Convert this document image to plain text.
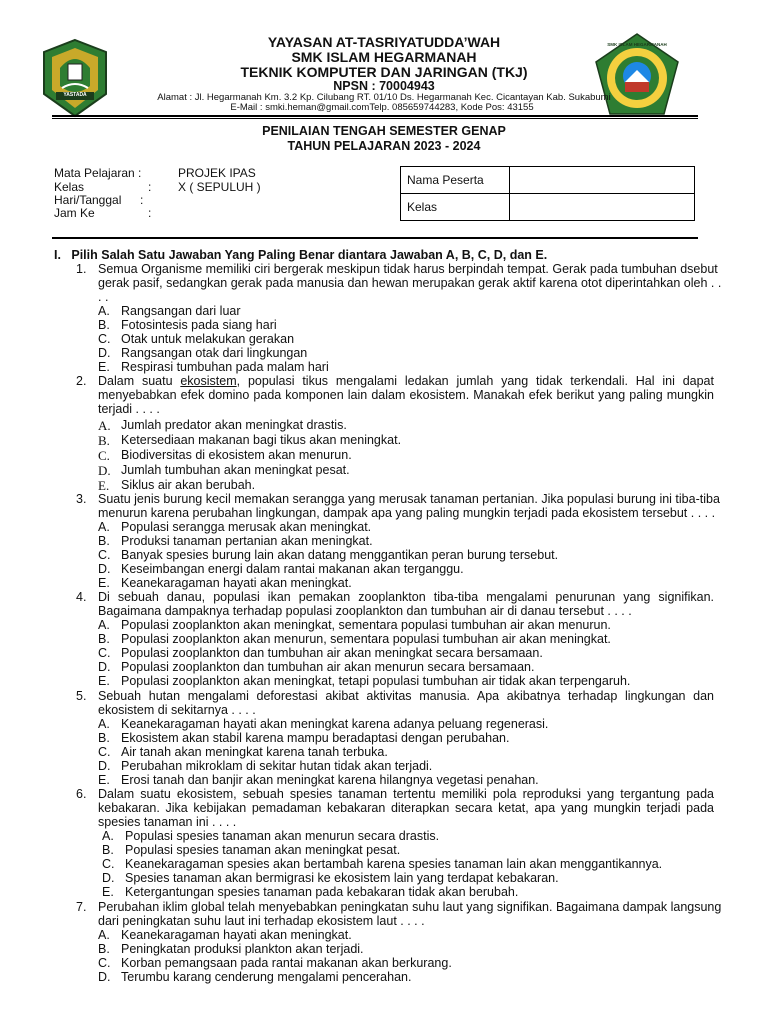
YASTADA
SMK ISLAM HEGARMANAH
YAYASAN AT-TASRIYATUDDA’WAH
SMK ISLAM HEGARMANAH
TEKNIK KOMPUTER DAN JARINGAN (TKJ)
NPSN : 70004943
Alamat : Jl. Hegarmanah Km. 3.2 Kp. Cilubang RT. 01/10 Ds. Hegarmanah Kec. Cicantayan Kab. Sukabumi
E-Mail : smki.heman@gmail.comTelp. 085659744283, Kode Pos: 43155
PENILAIAN TENGAH SEMESTER GENAP
TAHUN PELAJARAN 2023 - 2024
Mata Pelajaran :	PROJEK IPAS
Kelas	: X ( SEPULUH )
Hari/Tanggal :
Jam Ke	:
Nama Peserta	
Kelas	
I.   Pilih Salah Satu Jawaban Yang Paling Benar diantara Jawaban A, B, C, D, dan E.
1. Semua Organisme memiliki ciri bergerak meskipun tidak harus berpindah tempat. Gerak pada tumbuhan dsebut
gerak pasif, sedangkan gerak pada manusia dan hewan merupakan gerak aktif karena otot diperintahkan oleh . .
. .
A. Rangsangan dari luar
B. Fotosintesis pada siang hari
C. Otak untuk melakukan gerakan
D. Rangsangan otak dari lingkungan
E. Respirasi tumbuhan pada malam hari
2. Dalam suatu ekosistem, populasi tikus mengalami ledakan jumlah yang tidak terkendali. Hal ini dapat
menyebabkan efek domino pada komponen lain dalam ekosistem. Manakah efek berikut yang paling mungkin
terjadi . . . .
A. Jumlah predator akan meningkat drastis.
B. Ketersediaan makanan bagi tikus akan meningkat.
C. Biodiversitas di ekosistem akan menurun.
D. Jumlah tumbuhan akan meningkat pesat.
E. Siklus air akan berubah.
3. Suatu jenis burung kecil memakan serangga yang merusak tanaman pertanian. Jika populasi burung ini tiba-tiba
menurun karena perubahan lingkungan, dampak apa yang paling mungkin terjadi pada ekosistem tersebut . . . .
A. Populasi serangga merusak akan meningkat.
B. Produksi tanaman pertanian akan meningkat.
C. Banyak spesies burung lain akan datang menggantikan peran burung tersebut.
D. Keseimbangan energi dalam rantai makanan akan terganggu.
E. Keanekaragaman hayati akan meningkat.
4. Di sebuah danau, populasi ikan pemakan zooplankton tiba-tiba mengalami penurunan yang signifikan.
Bagaimana dampaknya terhadap populasi zooplankton dan tumbuhan air di danau tersebut . . . .
A. Populasi zooplankton akan meningkat, sementara populasi tumbuhan air akan menurun.
B. Populasi zooplankton akan menurun, sementara populasi tumbuhan air akan meningkat.
C. Populasi zooplankton dan tumbuhan air akan meningkat secara bersamaan.
D. Populasi zooplankton dan tumbuhan air akan menurun secara bersamaan.
E. Populasi zooplankton akan meningkat, tetapi populasi tumbuhan air tidak akan terpengaruh.
5. Sebuah hutan mengalami deforestasi akibat aktivitas manusia. Apa akibatnya terhadap lingkungan dan
ekosistem di sekitarnya . . . .
A. Keanekaragaman hayati akan meningkat karena adanya peluang regenerasi.
B. Ekosistem akan stabil karena mampu beradaptasi dengan perubahan.
C. Air tanah akan meningkat karena tanah terbuka.
D. Perubahan mikroklam di sekitar hutan tidak akan terjadi.
E. Erosi tanah dan banjir akan meningkat karena hilangnya vegetasi penahan.
6. Dalam suatu ekosistem, sebuah spesies tanaman tertentu memiliki pola reproduksi yang tergantung pada
kebakaran. Jika kebijakan pemadaman kebakaran diterapkan secara ketat, apa yang mungkin terjadi pada
spesies tanaman ini . . . .
A. Populasi spesies tanaman akan menurun secara drastis.
B. Populasi spesies tanaman akan meningkat pesat.
C. Keanekaragaman spesies akan bertambah karena spesies tanaman lain akan menggantikannya.
D. Spesies tanaman akan bermigrasi ke ekosistem lain yang terdapat kebakaran.
E. Ketergantungan spesies tanaman pada kebakaran tidak akan berubah.
7. Perubahan iklim global telah menyebabkan peningkatan suhu laut yang signifikan. Bagaimana dampak langsung
dari peningkatan suhu laut ini terhadap ekosistem laut . . . .
A. Keanekaragaman hayati akan meningkat.
B. Peningkatan produksi plankton akan terjadi.
C. Korban pemangsaan pada rantai makanan akan berkurang.
D. Terumbu karang cenderung mengalami pencerahan.
